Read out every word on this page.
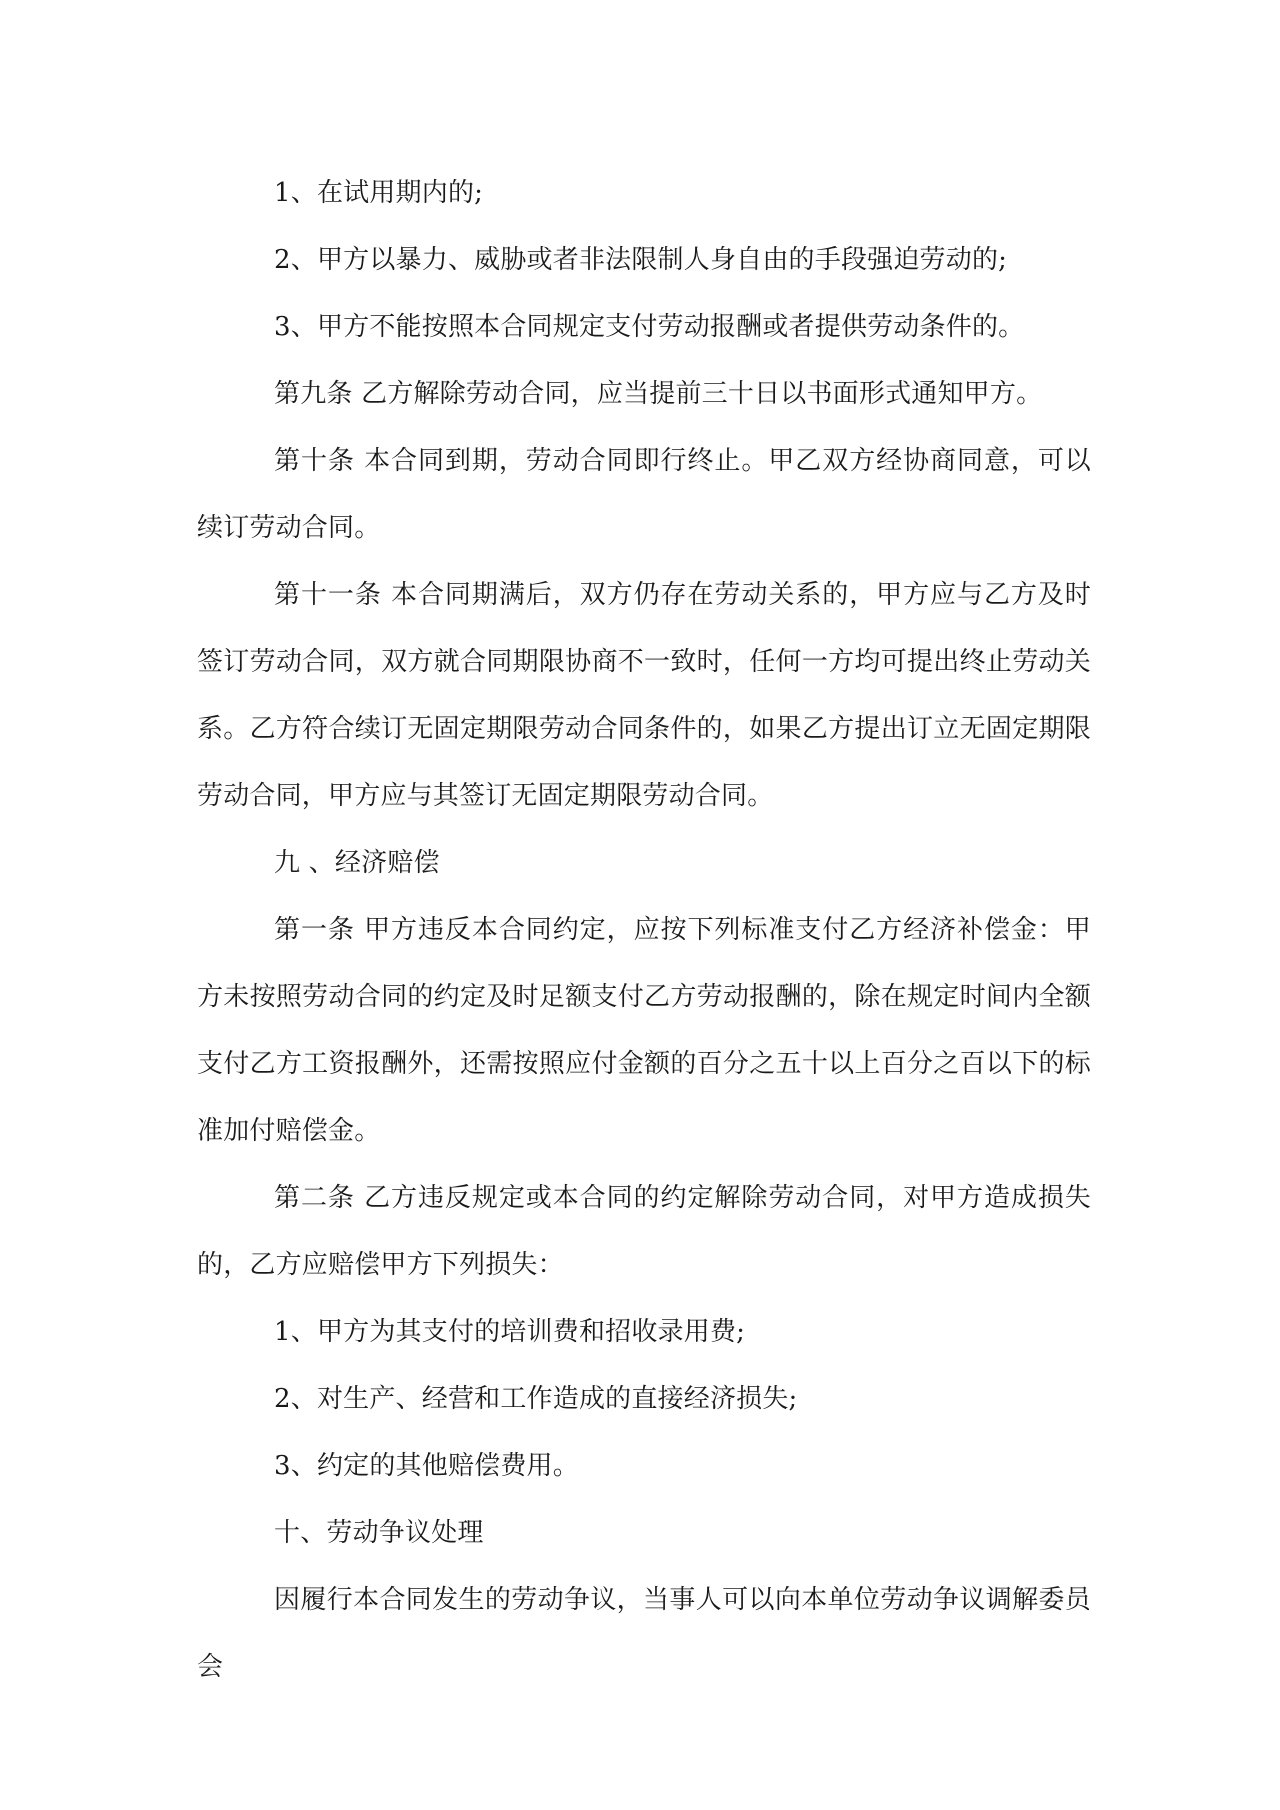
1、在试用期内的;

2、甲方以暴力、威胁或者非法限制人身自由的手段强迫劳动的;

3、甲方不能按照本合同规定支付劳动报酬或者提供劳动条件的。

第九条 乙方解除劳动合同，应当提前三十日以书面形式通知甲方。

第十条 本合同到期，劳动合同即行终止。甲乙双方经协商同意，可以续订劳动合同。

第十一条 本合同期满后，双方仍存在劳动关系的，甲方应与乙方及时签订劳动合同，双方就合同期限协商不一致时，任何一方均可提出终止劳动关系。乙方符合续订无固定期限劳动合同条件的，如果乙方提出订立无固定期限劳动合同，甲方应与其签订无固定期限劳动合同。

九 、经济赔偿

第一条 甲方违反本合同约定，应按下列标准支付乙方经济补偿金：甲方未按照劳动合同的约定及时足额支付乙方劳动报酬的，除在规定时间内全额支付乙方工资报酬外，还需按照应付金额的百分之五十以上百分之百以下的标准加付赔偿金。

第二条 乙方违反规定或本合同的约定解除劳动合同，对甲方造成损失的，乙方应赔偿甲方下列损失：

1、甲方为其支付的培训费和招收录用费;

2、对生产、经营和工作造成的直接经济损失;

3、约定的其他赔偿费用。

十、劳动争议处理

因履行本合同发生的劳动争议，当事人可以向本单位劳动争议调解委员会
